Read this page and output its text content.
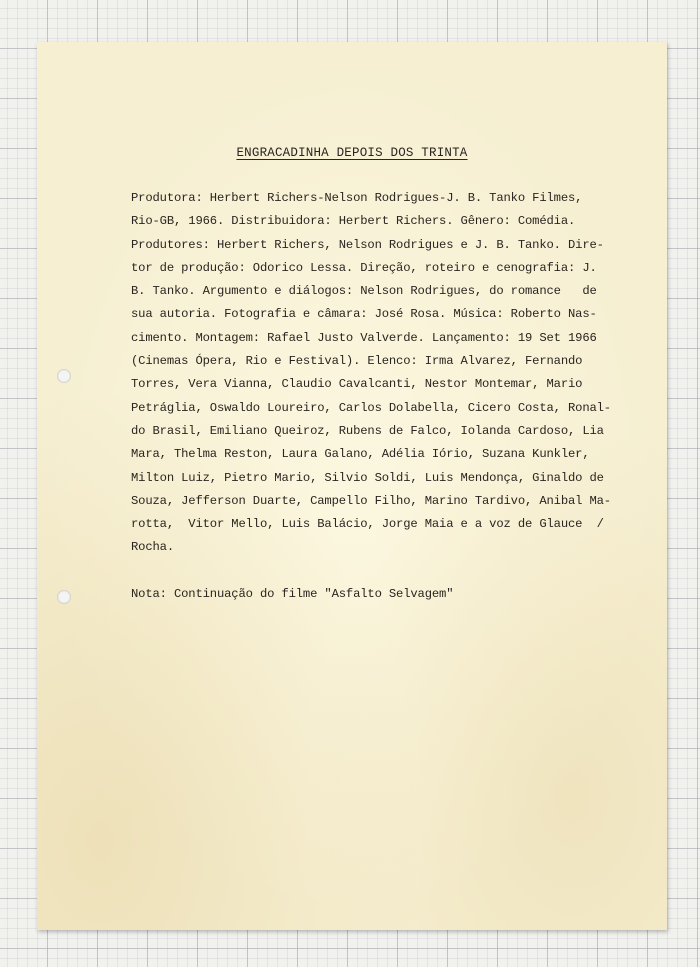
ENGRACADINHA DEPOIS DOS TRINTA
Produtora: Herbert Richers-Nelson Rodrigues-J. B. Tanko Filmes,
Rio-GB, 1966. Distribuidora: Herbert Richers. Gênero: Comédia.
Produtores: Herbert Richers, Nelson Rodrigues e J. B. Tanko. Dire-
tor de produção: Odorico Lessa. Direção, roteiro e cenografia: J.
B. Tanko. Argumento e diálogos: Nelson Rodrigues, do romance   de
sua autoria. Fotografia e câmara: José Rosa. Música: Roberto Nas-
cimento. Montagem: Rafael Justo Valverde. Lançamento: 19 Set 1966
(Cinemas Ópera, Rio e Festival). Elenco: Irma Alvarez, Fernando
Torres, Vera Vianna, Claudio Cavalcanti, Nestor Montemar, Mario
Petráglia, Oswaldo Loureiro, Carlos Dolabella, Cicero Costa, Ronal-
do Brasil, Emiliano Queiroz, Rubens de Falco, Iolanda Cardoso, Lia
Mara, Thelma Reston, Laura Galano, Adélia Iório, Suzana Kunkler,
Milton Luiz, Pietro Mario, Silvio Soldi, Luis Mendonça, Ginaldo de
Souza, Jefferson Duarte, Campello Filho, Marino Tardivo, Anibal Ma-
rotta,  Vitor Mello, Luis Balácio, Jorge Maia e a voz de Glauce  /
Rocha.
Nota: Continuação do filme "Asfalto Selvagem"
